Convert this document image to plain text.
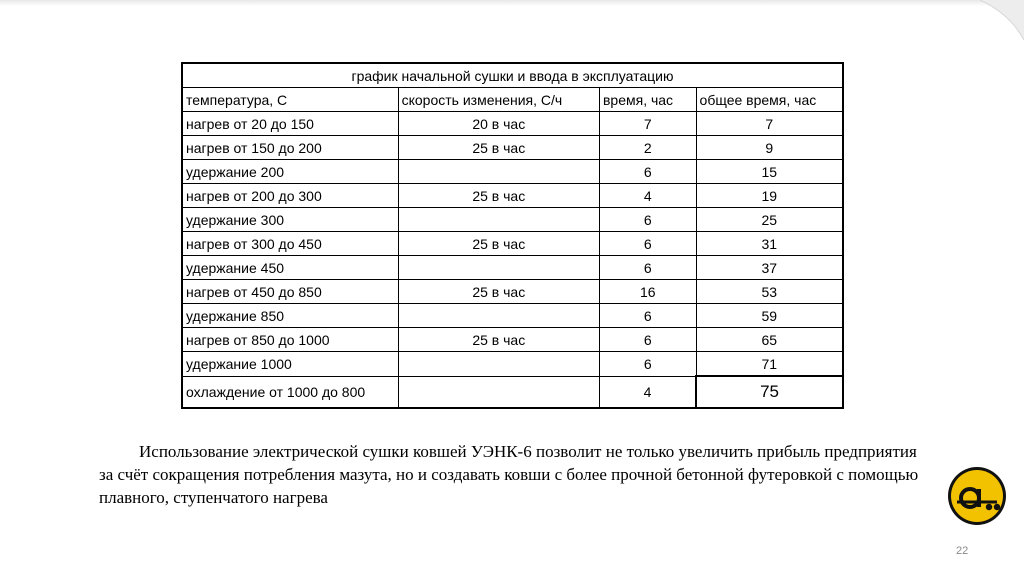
график начальной сушки и ввода в эксплуатацию			
температура, С	скорость изменения, С/ч	время, час	общее время, час
нагрев от 20 до 150	20 в час	7	7
нагрев от 150 до 200	25 в час	2	9
удержание 200		6	15
нагрев от 200 до 300	25 в час	4	19
удержание 300		6	25
нагрев от 300 до 450	25 в час	6	31
удержание 450		6	37
нагрев от 450 до 850	25 в час	16	53
удержание 850		6	59
нагрев от 850 до 1000	25 в час	6	65
удержание 1000		6	71
охлаждение от 1000 до 800		4	75
Использование электрической сушки ковшей УЭНК-6 позволит не только увеличить прибыль предприятия за счёт сокращения потребления мазута, но и создавать ковши с более прочной бетонной футеровкой с помощью плавного, ступенчатого нагрева
22
